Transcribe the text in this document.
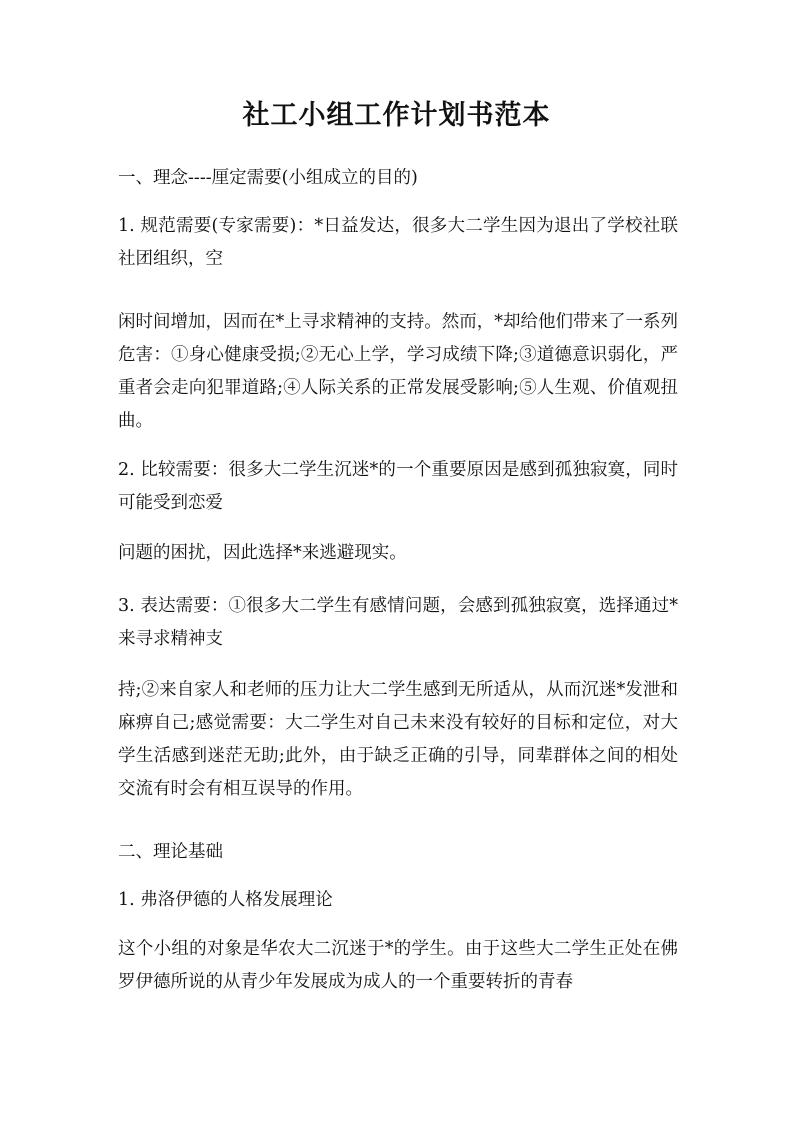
社工小组工作计划书范本
一、理念----厘定需要(小组成立的目的)
1. 规范需要(专家需要)：*日益发达，很多大二学生因为退出了学校社联社团组织，空
闲时间增加，因而在*上寻求精神的支持。然而，*却给他们带来了一系列危害：①身心健康受损;②无心上学，学习成绩下降;③道德意识弱化，严重者会走向犯罪道路;④人际关系的正常发展受影响;⑤人生观、价值观扭曲。
2. 比较需要：很多大二学生沉迷*的一个重要原因是感到孤独寂寞，同时可能受到恋爱
问题的困扰，因此选择*来逃避现实。
3. 表达需要：①很多大二学生有感情问题，会感到孤独寂寞，选择通过*来寻求精神支
持;②来自家人和老师的压力让大二学生感到无所适从，从而沉迷*发泄和麻痹自己;感觉需要：大二学生对自己未来没有较好的目标和定位，对大学生活感到迷茫无助;此外，由于缺乏正确的引导，同辈群体之间的相处交流有时会有相互误导的作用。
二、理论基础
1. 弗洛伊德的人格发展理论
这个小组的对象是华农大二沉迷于*的学生。由于这些大二学生正处在佛罗伊德所说的从青少年发展成为成人的一个重要转折的青春
